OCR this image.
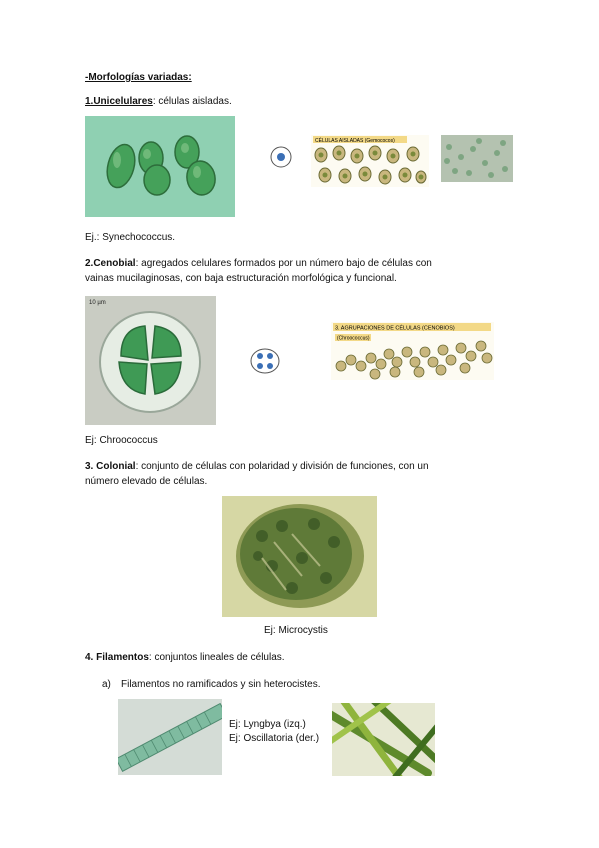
-Morfologías variadas:
1.Unicelulares: células aisladas.
CÉLULAS AISLADAS (Gemococos)
Ej.: Synechococcus.
2.Cenobial: agregados celulares formados por un número bajo de células con vainas mucilaginosas, con baja estructuración morfológica y funcional.
10 µm
3. AGRUPACIONES DE CÉLULAS (CENOBIOS)
(Chroococcus)
Ej: Chroococcus
3. Colonial: conjunto de células con polaridad y división de funciones, con un número elevado de células.
Ej: Microcystis
4. Filamentos: conjuntos lineales de células.
a) Filamentos no ramificados y sin heterocistes.
Ej: Lyngbya (izq.)
Ej: Oscillatoria (der.)
